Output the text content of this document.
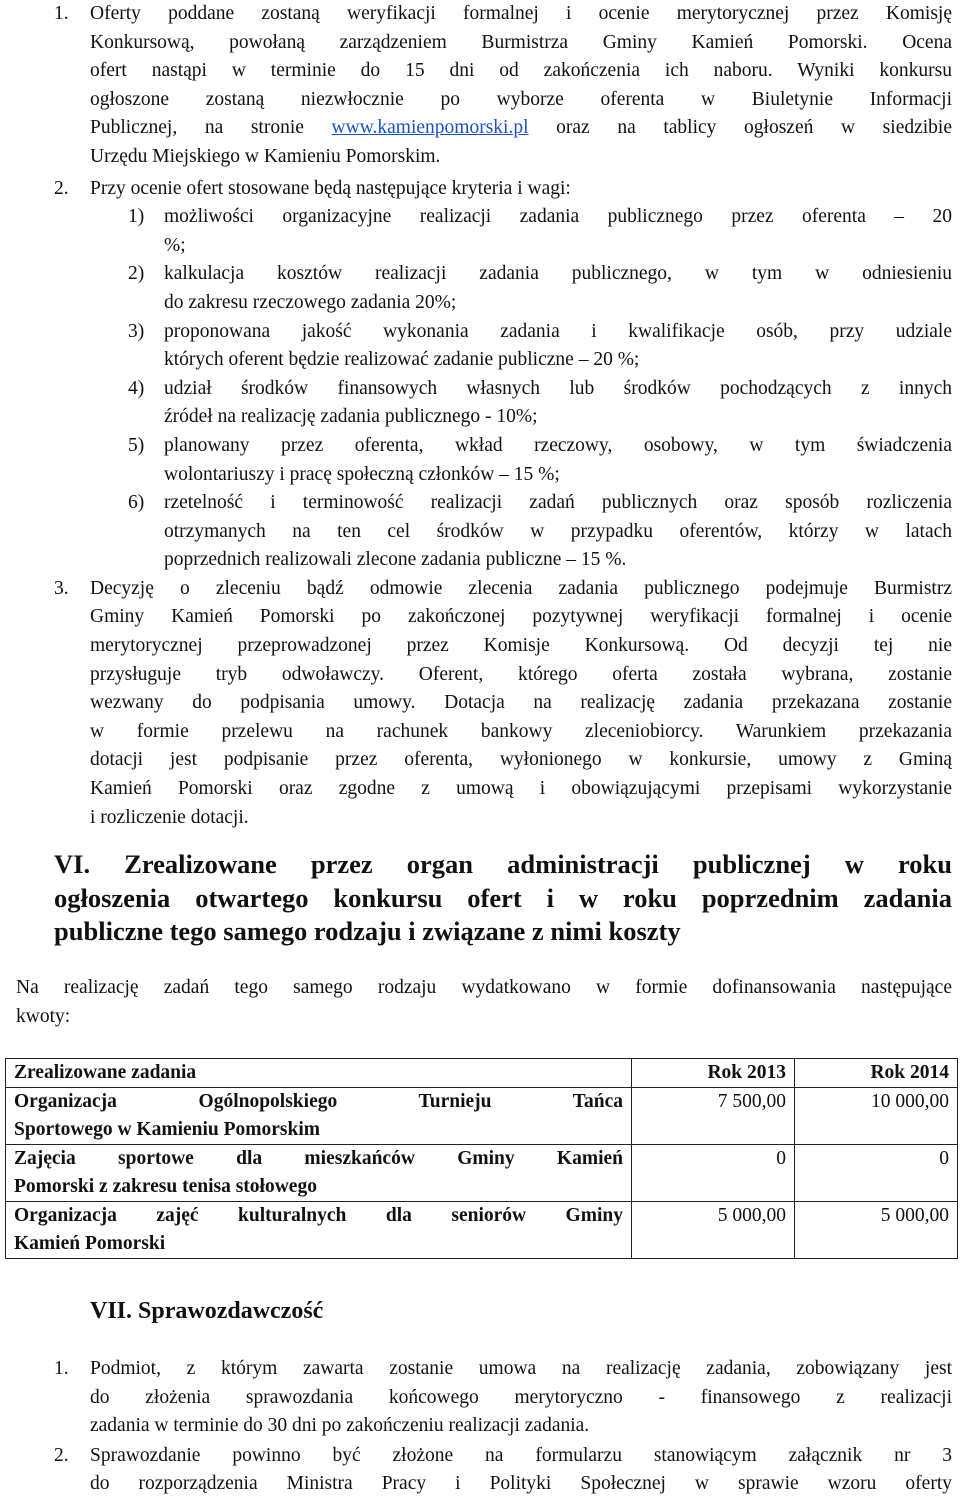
1. Oferty poddane zostaną weryfikacji formalnej i ocenie merytorycznej przez Komisję
Konkursową, powołaną zarządzeniem Burmistrza Gminy Kamień Pomorski. Ocena
ofert nastąpi w terminie do 15 dni od zakończenia ich naboru. Wyniki konkursu
ogłoszone zostaną niezwłocznie po wyborze oferenta w Biuletynie Informacji
Publicznej, na stronie www.kamienpomorski.pl oraz na tablicy ogłoszeń w siedzibie
Urzędu Miejskiego w Kamieniu Pomorskim.
2. Przy ocenie ofert stosowane będą następujące kryteria i wagi:
1) możliwości organizacyjne realizacji zadania publicznego przez oferenta – 20
%;
2) kalkulacja kosztów realizacji zadania publicznego, w tym w odniesieniu
do zakresu rzeczowego zadania 20%;
3) proponowana jakość wykonania zadania i kwalifikacje osób, przy udziale
których oferent będzie realizować zadanie publiczne – 20 %;
4) udział środków finansowych własnych lub środków pochodzących z innych
źródeł na realizację zadania publicznego - 10%;
5) planowany przez oferenta, wkład rzeczowy, osobowy, w tym świadczenia
wolontariuszy i pracę społeczną członków – 15 %;
6) rzetelność i terminowość realizacji zadań publicznych oraz sposób rozliczenia
otrzymanych na ten cel środków w przypadku oferentów, którzy w latach
poprzednich realizowali zlecone zadania publiczne – 15 %.
3. Decyzję o zleceniu bądź odmowie zlecenia zadania publicznego podejmuje Burmistrz
Gminy Kamień Pomorski po zakończonej pozytywnej weryfikacji formalnej i ocenie
merytorycznej przeprowadzonej przez Komisje Konkursową. Od decyzji tej nie
przysługuje tryb odwoławczy. Oferent, którego oferta została wybrana, zostanie
wezwany do podpisania umowy. Dotacja na realizację zadania przekazana zostanie
w formie przelewu na rachunek bankowy zleceniobiorcy. Warunkiem przekazania
dotacji jest podpisanie przez oferenta, wyłonionego w konkursie, umowy z Gminą
Kamień Pomorski oraz zgodne z umową i obowiązującymi przepisami wykorzystanie
i rozliczenie dotacji.
VI. Zrealizowane przez organ administracji publicznej w roku
ogłoszenia otwartego konkursu ofert i w roku poprzednim zadania
publiczne tego samego rodzaju i związane z nimi koszty
Na realizację zadań tego samego rodzaju wydatkowano w formie dofinansowania następujące
kwoty:
Zrealizowane zadania	Rok 2013	Rok 2014

Organizacja Ogólnopolskiego Turnieju Tańca
Sportowego w Kamieniu Pomorskim	7 500,00	10 000,00

Zajęcia sportowe dla mieszkańców Gminy Kamień
Pomorski z zakresu tenisa stołowego	0	0

Organizacja zajęć kulturalnych dla seniorów Gminy
Kamień Pomorski	5 000,00	5 000,00
VII. Sprawozdawczość
1. Podmiot, z którym zawarta zostanie umowa na realizację zadania, zobowiązany jest
do złożenia sprawozdania końcowego merytoryczno - finansowego z realizacji
zadania w terminie do 30 dni po zakończeniu realizacji zadania.
2. Sprawozdanie powinno być złożone na formularzu stanowiącym załącznik nr 3
do rozporządzenia Ministra Pracy i Polityki Społecznej w sprawie wzoru oferty
